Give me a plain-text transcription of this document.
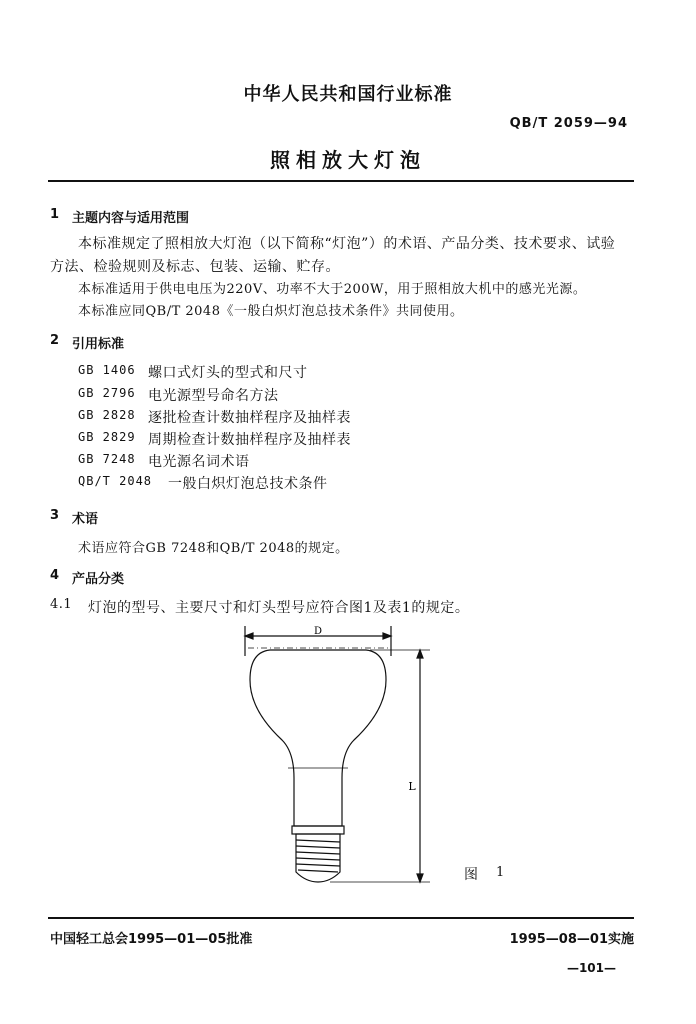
中华人民共和国行业标准
QB/T 2059—94
照相放大灯泡
1 主题内容与适用范围
本标准规定了照相放大灯泡（以下简称“灯泡”）的术语、产品分类、技术要求、试验
方法、检验规则及标志、包装、运输、贮存。
本标准适用于供电电压为220V、功率不大于200W，用于照相放大机中的感光光源。
本标准应同QB/T 2048《一般白炽灯泡总技术条件》共同使用。
2 引用标准
GB 1406 螺口式灯头的型式和尺寸
GB 2796 电光源型号命名方法
GB 2828 逐批检查计数抽样程序及抽样表
GB 2829 周期检查计数抽样程序及抽样表
GB 7248 电光源名词术语
QB/T 2048 一般白炽灯泡总技术条件
3 术语
术语应符合GB 7248和QB/T 2048的规定。
4 产品分类
4.1 灯泡的型号、主要尺寸和灯头型号应符合图1及表1的规定。
D
L
图 1
中国轻工总会1995—01—05批准	1995—08—01实施
—101—
